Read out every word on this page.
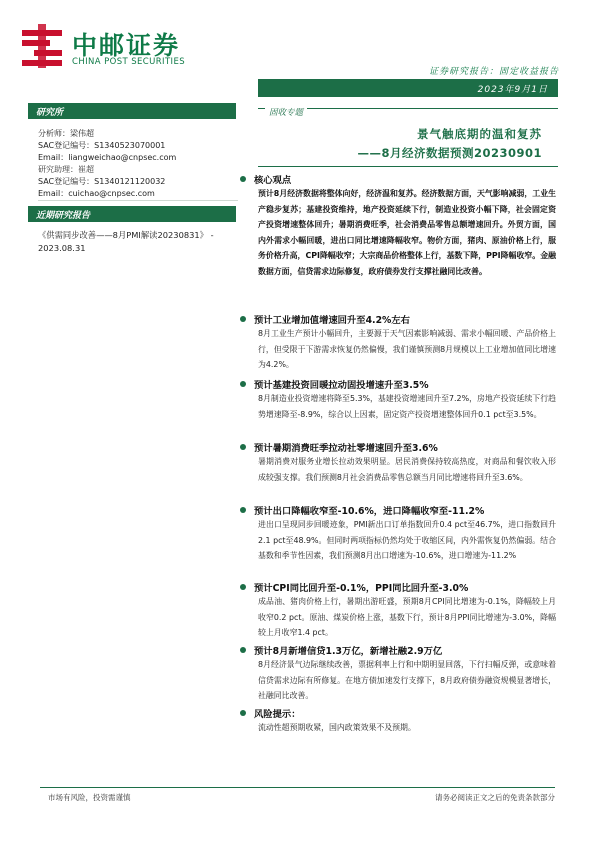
中邮证券
CHINA POST SECURITIES
证券研究报告：固定收益报告
2023年9月1日
研究所
分析师：梁伟超
SAC登记编号：S1340523070001
Email：liangweichao@cnpsec.com
研究助理：崔超
SAC登记编号：S1340121120032
Email：cuichao@cnpsec.com
近期研究报告
《供需同步改善——8月PMI解读20230831》 - 2023.08.31
固收专题
景气触底期的温和复苏
——8月经济数据预测20230901
核心观点
预计8月经济数据将整体向好，经济温和复苏。经济数据方面，天气影响减弱，工业生产稳步复苏；基建投资维持，地产投资延续下行，制造业投资小幅下降，社会固定资产投资增速整体回升；暑期消费旺季，社会消费品零售总额增速回升。外贸方面，国内外需求小幅回暖，进出口同比增速降幅收窄。物价方面，猪肉、原油价格上行，服务价格升高，CPI降幅收窄；大宗商品价格整体上行，基数下降，PPI降幅收窄。金融数据方面，信贷需求边际修复，政府债券发行支撑社融同比改善。
预计工业增加值增速回升至4.2%左右
8月工业生产预计小幅回升，主要源于天气因素影响减弱、需求小幅回暖、产品价格上行，但受限于下游需求恢复仍然偏慢，我们谨慎预测8月规模以上工业增加值同比增速为4.2%。
预计基建投资回暖拉动固投增速升至3.5%
8月制造业投资增速将降至5.3%，基建投资增速回升至7.2%，房地产投资延续下行趋势增速降至-8.9%，综合以上因素，固定资产投资增速整体回升0.1 pct至3.5%。
预计暑期消费旺季拉动社零增速回升至3.6%
暑期消费对服务业增长拉动效果明显。居民消费保持较高热度，对商品和餐饮收入形成较强支撑。我们预测8月社会消费品零售总额当月同比增速将回升至3.6%。
预计出口降幅收窄至-10.6%，进口降幅收窄至-11.2%
进出口呈现同步回暖迹象，PMI新出口订单指数回升0.4 pct至46.7%，进口指数回升2.1 pct至48.9%。但同时两项指标仍然均处于收缩区间，内外需恢复仍然偏弱。结合基数和季节性因素，我们预测8月出口增速为-10.6%，进口增速为-11.2%
预计CPI同比回升至-0.1%，PPI同比回升至-3.0%
成品油、猪肉价格上行，暑期出游旺盛，预期8月CPI同比增速为-0.1%，降幅较上月收窄0.2 pct。原油、煤炭价格上涨，基数下行，预计8月PPI同比增速为-3.0%，降幅较上月收窄1.4 pct。
预计8月新增信贷1.3万亿，新增社融2.9万亿
8月经济景气边际继续改善，票据利率上行和中期明显回落，下行扫幅反弹，或意味着信贷需求边际有所修复。在地方债加速发行支撑下，8月政府债券融资规模显著增长，社融同比改善。
风险提示：
流动性超预期收紧，国内政策效果不及预期。
市场有风险，投资需谨慎	请务必阅读正文之后的免责条款部分
